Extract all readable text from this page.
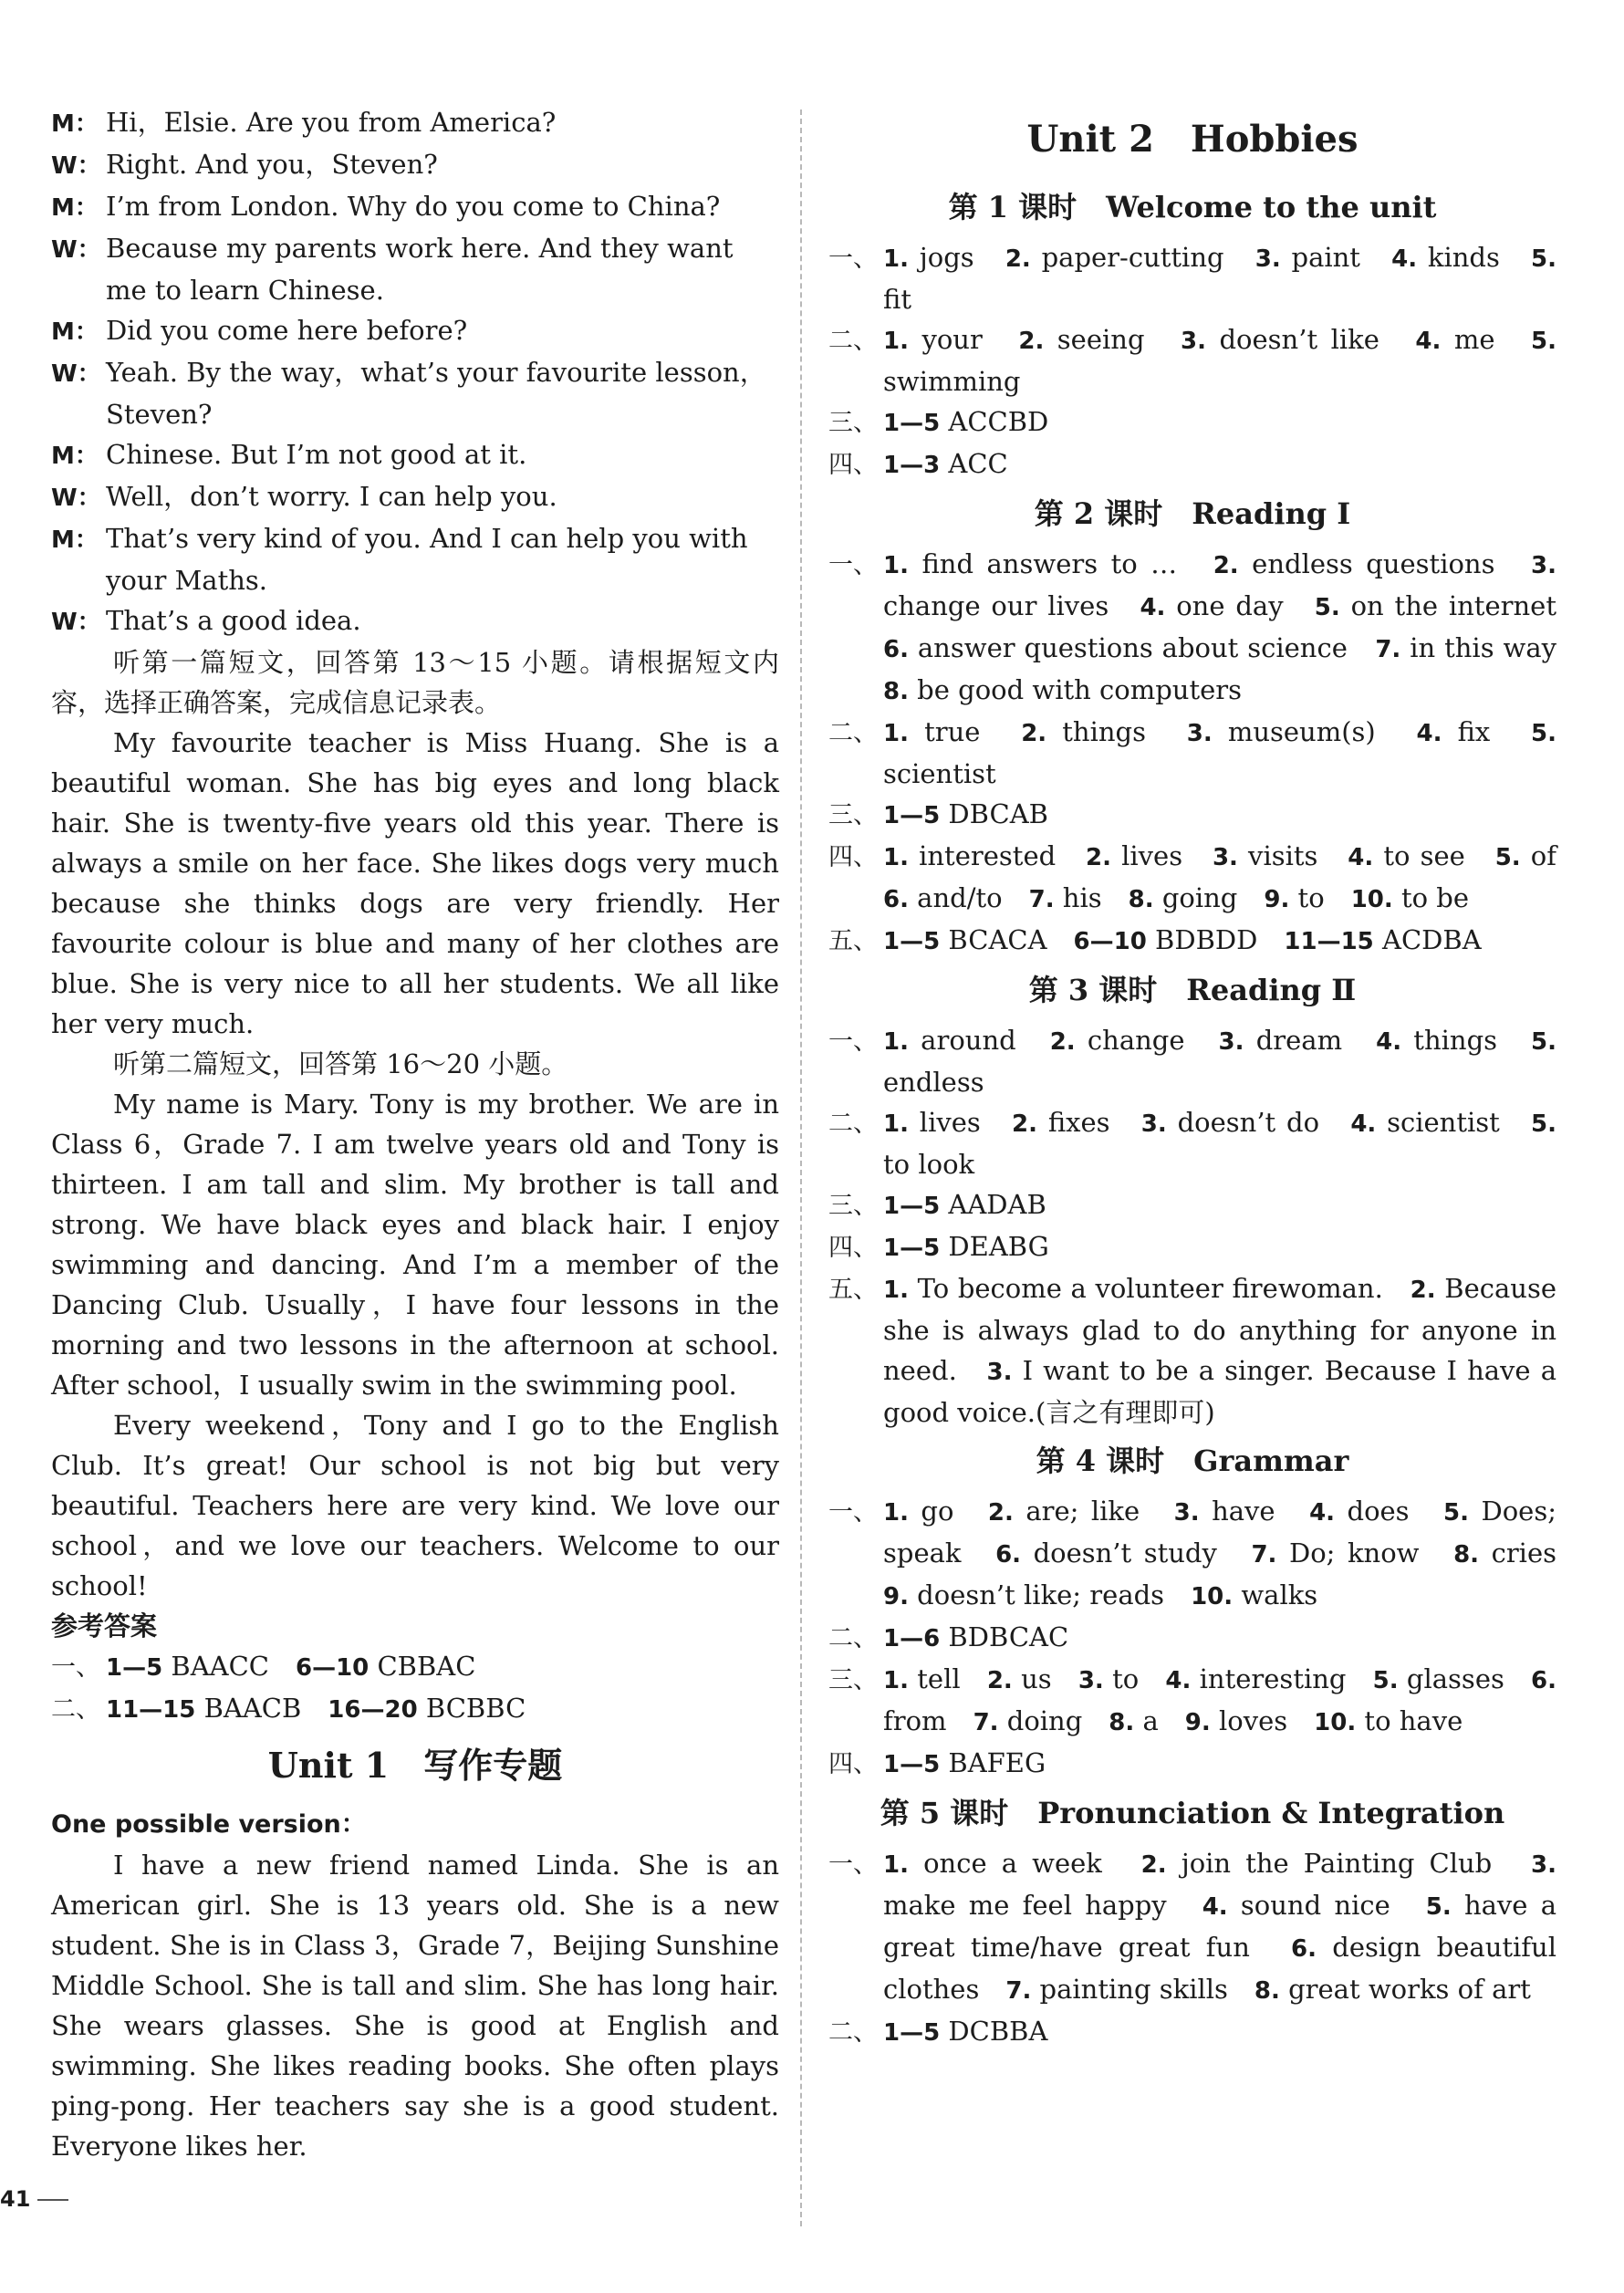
M： Hi，Elsie. Are you from America?

W： Right. And you，Steven?

M： I’m from London. Why do you come to China?

W： Because my parents work here. And they want me to learn Chinese.

M： Did you come here before?

W： Yeah. By the way，what’s your favourite lesson，Steven?

M： Chinese. But I’m not good at it.

W： Well，don’t worry. I can help you.

M： That’s very kind of you. And I can help you with your Maths.

W： That’s a good idea.

听第一篇短文，回答第 13～15 小题。请根据短文内容，选择正确答案，完成信息记录表。

My favourite teacher is Miss Huang. She is a beautiful woman. She has big eyes and long black hair. She is twenty-five years old this year. There is always a smile on her face. She likes dogs very much because she thinks dogs are very friendly. Her favourite colour is blue and many of her clothes are blue. She is very nice to all her students. We all like her very much.

听第二篇短文，回答第 16～20 小题。

My name is Mary. Tony is my brother. We are in Class 6，Grade 7. I am twelve years old and Tony is thirteen. I am tall and slim. My brother is tall and strong. We have black eyes and black hair. I enjoy swimming and dancing. And I’m a member of the Dancing Club. Usually，I have four lessons in the morning and two lessons in the afternoon at school. After school，I usually swim in the swimming pool.

Every weekend，Tony and I go to the English Club. It’s great! Our school is not big but very beautiful. Teachers here are very kind. We love our school，and we love our teachers. Welcome to our school!

参考答案

一、 1—5 BAACC　6—10 CBBAC

二、 11—15 BAACB　16—20 BCBBC

Unit 1　写作专题

One possible version：

I have a new friend named Linda. She is an American girl. She is 13 years old. She is a new student. She is in Class 3，Grade 7，Beijing Sunshine Middle School. She is tall and slim. She has long hair. She wears glasses. She is good at English and swimming. She likes reading books. She often plays ping-pong. Her teachers say she is a good student. Everyone likes her.

Unit 2　Hobbies
第 1 课时　Welcome to the unit

一、 1. jogs　2. paper-cutting　3. paint　4. kinds　5. fit

二、 1. your　2. seeing　3. doesn’t like　4. me　5. swimming

三、 1—5 ACCBD

四、 1—3 ACC

第 2 课时　Reading Ⅰ

一、 1. find answers to …　2. endless questions　3. change our lives　4. one day　5. on the internet　6. answer questions about science　7. in this way　8. be good with computers

二、 1. true　2. things　3. museum(s)　4. fix　5. scientist

三、 1—5 DBCAB

四、 1. interested　2. lives　3. visits　4. to see　5. of　6. and/to　7. his　8. going　9. to　10. to be

五、 1—5 BCACA　6—10 BDBDD　11—15 ACDBA

第 3 课时　Reading Ⅱ

一、 1. around　2. change　3. dream　4. things　5. endless

二、 1. lives　2. fixes　3. doesn’t do　4. scientist　5. to look

三、 1—5 AADAB

四、 1—5 DEABG

五、 1. To become a volunteer firewoman.　2. Because she is always glad to do anything for anyone in need.　3. I want to be a singer. Because I have a good voice.(言之有理即可)

第 4 课时　Grammar

一、 1. go　2. are; like　3. have　4. does　5. Does; speak　6. doesn’t study　7. Do; know　8. cries　9. doesn’t like; reads　10. walks

二、 1—6 BDBCAC

三、 1. tell　2. us　3. to　4. interesting　5. glasses　6. from　7. doing　8. a　9. loves　10. to have

四、 1—5 BAFEG

第 5 课时　Pronunciation & Integration

一、 1. once a week　2. join the Painting Club　3. make me feel happy　4. sound nice　5. have a great time/have great fun　6. design beautiful clothes　7. painting skills　8. great works of art

二、 1—5 DCBBA

41
